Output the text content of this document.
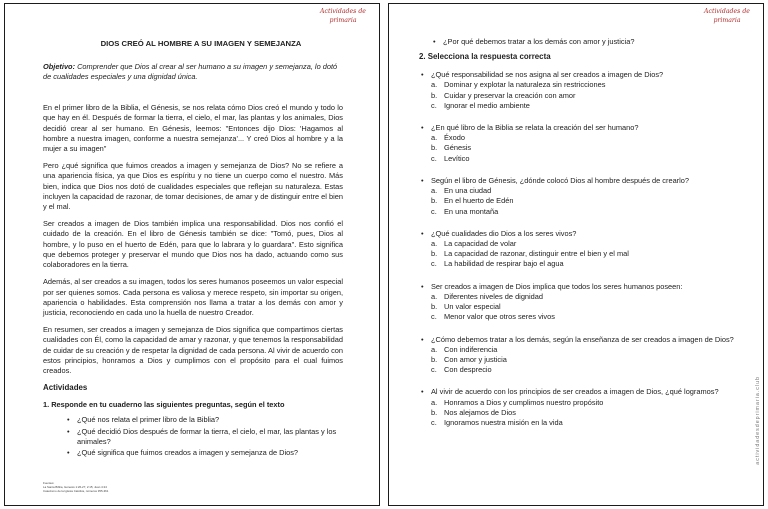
Actividades de
primaria
DIOS CREÓ AL HOMBRE A SU IMAGEN Y SEMEJANZA

Objetivo: Comprender que Dios al crear al ser humano a su imagen y semejanza, lo dotó de cualidades especiales y una dignidad única.

En el primer libro de la Biblia, el Génesis, se nos relata cómo Dios creó el mundo y todo lo que hay en él. Después de formar la tierra, el cielo, el mar, las plantas y los animales, Dios decidió crear al ser humano. En Génesis, leemos: "Entonces dijo Dios: 'Hagamos al hombre a nuestra imagen, conforme a nuestra semejanza'... Y creó Dios al hombre y a la mujer a su imagen"

Pero ¿qué significa que fuimos creados a imagen y semejanza de Dios? No se refiere a una apariencia física, ya que Dios es espíritu y no tiene un cuerpo como el nuestro. Más bien, indica que Dios nos dotó de cualidades especiales que reflejan su naturaleza. Estas incluyen la capacidad de razonar, de tomar decisiones, de amar y de distinguir entre el bien y el mal.

Ser creados a imagen de Dios también implica una responsabilidad. Dios nos confió el cuidado de la creación. En el libro de Génesis también se dice: "Tomó, pues, Dios al hombre, y lo puso en el huerto de Edén, para que lo labrara y lo guardara". Esto significa que debemos proteger y preservar el mundo que Dios nos ha dado, actuando como sus colaboradores en la tierra.

Además, al ser creados a su imagen, todos los seres humanos poseemos un valor especial por ser quienes somos. Cada persona es valiosa y merece respeto, sin importar su origen, apariencia o habilidades. Esta comprensión nos llama a tratar a los demás con amor y justicia, reconociendo en cada uno la huella de nuestro Creador.

En resumen, ser creados a imagen y semejanza de Dios significa que compartimos ciertas cualidades con Él, como la capacidad de amar y razonar, y que tenemos la responsabilidad de cuidar de su creación y de respetar la dignidad de cada persona. Al vivir de acuerdo con estos principios, honramos a Dios y cumplimos con el propósito para el cual fuimos creados.

Actividades
1. Responde en tu cuaderno las siguientes preguntas, según el texto
• ¿Qué nos relata el primer libro de la Biblia?
• ¿Qué decidió Dios después de formar la tierra, el cielo, el mar, las plantas y los animales?
• ¿Qué significa que fuimos creados a imagen y semejanza de Dios?
Fuentes:
La Santa Biblia, Génesis 1:26-27; 2:15; Juan 4:24
Catecismo de la Iglesia Católica, números 355-361
Actividades de
primaria
actividadesdeprimaria.club
• ¿Por qué debemos tratar a los demás con amor y justicia?
2. Selecciona la respuesta correcta
• ¿Qué responsabilidad se nos asigna al ser creados a imagen de Dios?
a. Dominar y explotar la naturaleza sin restricciones
b. Cuidar y preservar la creación con amor
c. Ignorar el medio ambiente
• ¿En qué libro de la Biblia se relata la creación del ser humano?
a. Éxodo
b. Génesis
c. Levítico
• Según el libro de Génesis, ¿dónde colocó Dios al hombre después de crearlo?
a. En una ciudad
b. En el huerto de Edén
c. En una montaña
• ¿Qué cualidades dio Dios a los seres vivos?
a. La capacidad de volar
b. La capacidad de razonar, distinguir entre el bien y el mal
c. La habilidad de respirar bajo el agua
• Ser creados a imagen de Dios implica que todos los seres humanos poseen:
a. Diferentes niveles de dignidad
b. Un valor especial
c. Menor valor que otros seres vivos
• ¿Cómo debemos tratar a los demás, según la enseñanza de ser creados a imagen de Dios?
a. Con indiferencia
b. Con amor y justicia
c. Con desprecio
• Al vivir de acuerdo con los principios de ser creados a imagen de Dios, ¿qué logramos?
a. Honramos a Dios y cumplimos nuestro propósito
b. Nos alejamos de Dios
c. Ignoramos nuestra misión en la vida
